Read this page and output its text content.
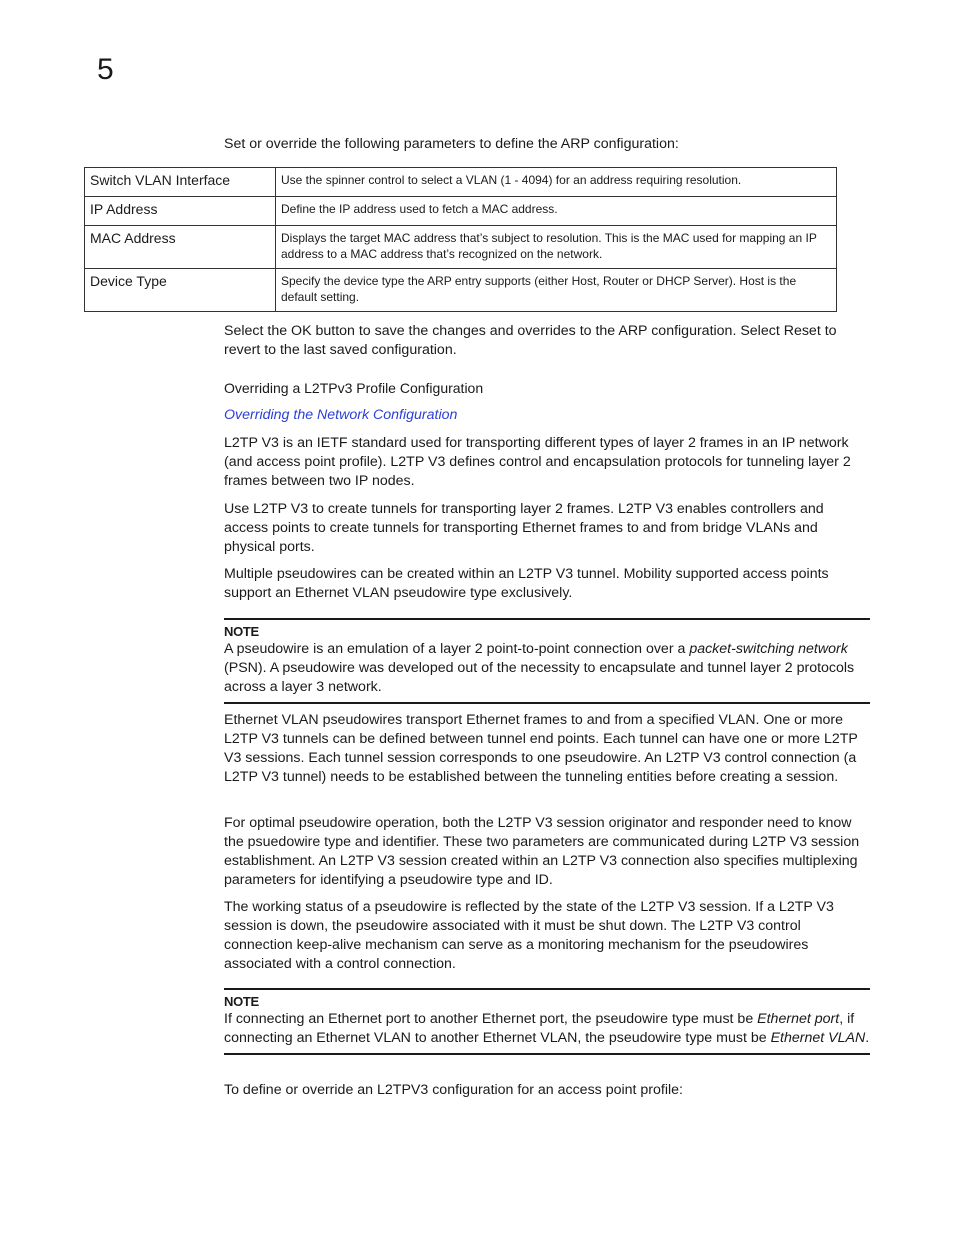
5

Set or override the following parameters to define the ARP configuration:

Switch VLAN Interface	Use the spinner control to select a VLAN (1 - 4094) for an address requiring resolution.
IP Address	Define the IP address used to fetch a MAC address.
MAC Address	Displays the target MAC address that’s subject to resolution. This is the MAC used for mapping an IP address to a MAC address that’s recognized on the network.
Device Type	Specify the device type the ARP entry supports (either Host, Router or DHCP Server). Host is the default setting.

Select the OK button to save the changes and overrides to the ARP configuration. Select Reset to revert to the last saved configuration.

Overriding a L2TPv3 Profile Configuration
Overriding the Network Configuration

L2TP V3 is an IETF standard used for transporting different types of layer 2 frames in an IP network (and access point profile). L2TP V3 defines control and encapsulation protocols for tunneling layer 2 frames between two IP nodes.

Use L2TP V3 to create tunnels for transporting layer 2 frames. L2TP V3 enables controllers and access points to create tunnels for transporting Ethernet frames to and from bridge VLANs and physical ports.

Multiple pseudowires can be created within an L2TP V3 tunnel. Mobility supported access points support an Ethernet VLAN pseudowire type exclusively.

NOTE
A pseudowire is an emulation of a layer 2 point-to-point connection over a packet-switching network (PSN). A pseudowire was developed out of the necessity to encapsulate and tunnel layer 2 protocols across a layer 3 network.

Ethernet VLAN pseudowires transport Ethernet frames to and from a specified VLAN. One or more L2TP V3 tunnels can be defined between tunnel end points. Each tunnel can have one or more L2TP V3 sessions. Each tunnel session corresponds to one pseudowire. An L2TP V3 control connection (a L2TP V3 tunnel) needs to be established between the tunneling entities before creating a session.

For optimal pseudowire operation, both the L2TP V3 session originator and responder need to know the psuedowire type and identifier. These two parameters are communicated during L2TP V3 session establishment. An L2TP V3 session created within an L2TP V3 connection also specifies multiplexing parameters for identifying a pseudowire type and ID.

The working status of a pseudowire is reflected by the state of the L2TP V3 session. If a L2TP V3 session is down, the pseudowire associated with it must be shut down. The L2TP V3 control connection keep-alive mechanism can serve as a monitoring mechanism for the pseudowires associated with a control connection.

NOTE
If connecting an Ethernet port to another Ethernet port, the pseudowire type must be Ethernet port, if connecting an Ethernet VLAN to another Ethernet VLAN, the pseudowire type must be Ethernet VLAN.

To define or override an L2TPV3 configuration for an access point profile:
